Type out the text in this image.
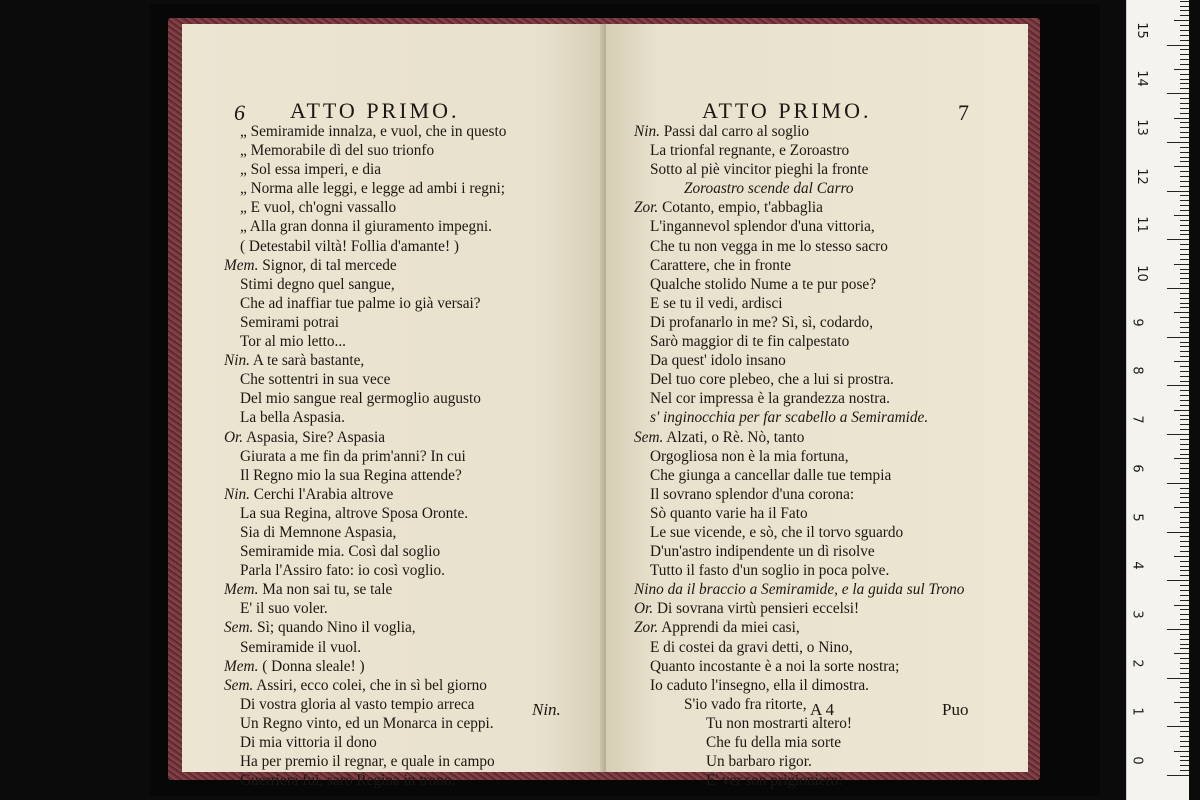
6 ATTO PRIMO.
„ Semiramide innalza, e vuol, che in questo
„ Memorabile dì del suo trionfo
„ Sol essa imperi, e dia
„ Norma alle leggi, e legge ad ambi i regni;
„ E vuol, ch'ogni vassallo
„ Alla gran donna il giuramento impegni.
( Detestabil viltà! Follia d'amante! )
Mem. Signor, di tal mercede
Stimi degno quel sangue,
Che ad inaffiar tue palme io già versai?
Semirami potrai
Tor al mio letto...
Nin. A te sarà bastante,
Che sottentri in sua vece
Del mio sangue real germoglio augusto
La bella Aspasia.
Or. Aspasia, Sire? Aspasia
Giurata a me fin da prim'anni? In cui
Il Regno mio la sua Regina attende?
Nin. Cerchi l'Arabia altrove
La sua Regina, altrove Sposa Oronte.
Sia di Memnone Aspasia,
Semiramide mia. Così dal soglio
Parla l'Assiro fato: io così voglio.
Mem. Ma non sai tu, se tale
E' il suo voler.
Sem. Sì; quando Nino il voglia,
Semiramide il vuol.
Mem. ( Donna sleale! )
Sem. Assiri, ecco colei, che in sì bel giorno
Di vostra gloria al vasto tempio arreca
Un Regno vinto, ed un Monarca in ceppi.
Di mia vittoria il dono
Ha per premio il regnar, e quale in campo
Guerriera fui, sarò Regina in trono.
Nin.
ATTO PRIMO.	7
Nin. Passi dal carro al soglio
La trionfal regnante, e Zoroastro
Sotto al piè vincitor pieghi la fronte
Zoroastro scende dal Carro
Zor. Cotanto, empio, t'abbaglia
L'ingannevol splendor d'una vittoria,
Che tu non vegga in me lo stesso sacro
Carattere, che in fronte
Qualche stolido Nume a te pur pose?
E se tu il vedi, ardisci
Di profanarlo in me? Sì, sì, codardo,
Sarò maggior di te fin calpestato
Da quest' idolo insano
Del tuo core plebeo, che a lui si prostra.
Nel cor impressa è la grandezza nostra.
s' inginocchia per far scabello a Semiramide.
Sem. Alzati, o Rè. Nò, tanto
Orgogliosa non è la mia fortuna,
Che giunga a cancellar dalle tue tempia
Il sovrano splendor d'una corona:
Sò quanto varie ha il Fato
Le sue vicende, e sò, che il torvo sguardo
D'un'astro indipendente un dì risolve
Tutto il fasto d'un soglio in poca polve.
Nino da il braccio a Semiramide, e la guida sul Trono
Or. Di sovrana virtù pensieri eccelsi!
Zor. Apprendi da miei casi,
E di costei da gravi detti, o Nino,
Quanto incostante è a noi la sorte nostra;
Io caduto l'insegno, ella il dimostra.
S'io vado fra ritorte,
Tu non mostrarti altero!
Che fu della mia sorte
Un barbaro rigor.
E' ver son prigioniero:
A 4	Puo
0
1
2
3
4
5
6
7
8
9
10
11
12
13
14
15
